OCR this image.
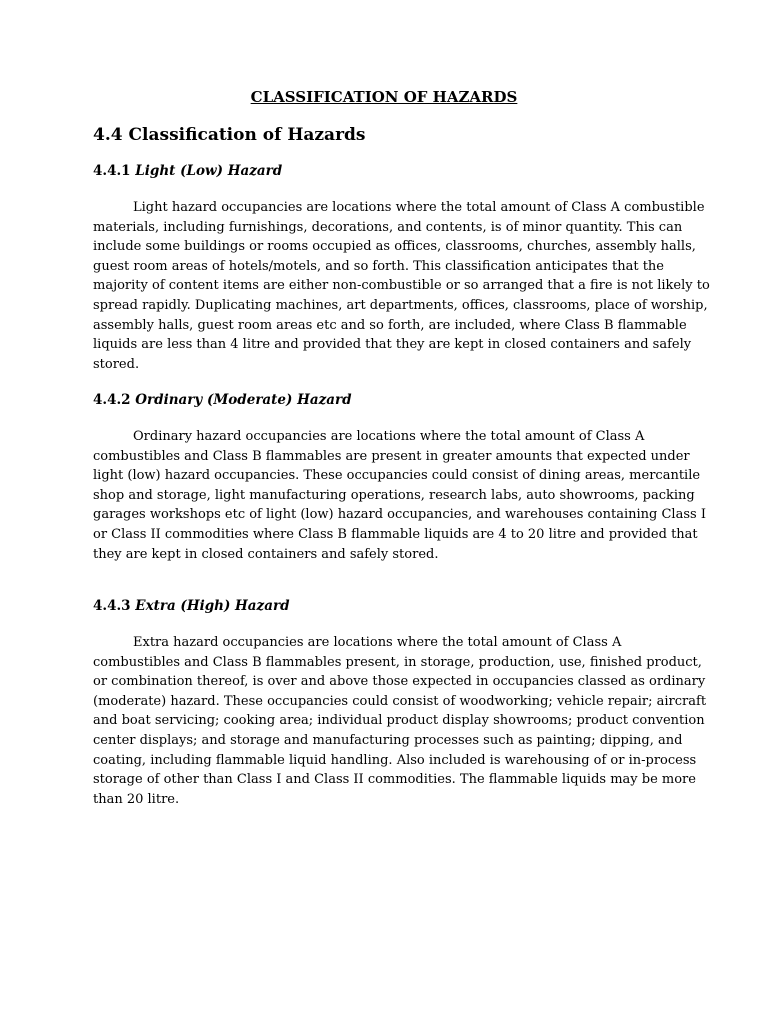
CLASSIFICATION OF HAZARDS
4.4 Classification of Hazards
4.4.1 Light (Low) Hazard
Light hazard occupancies are locations where the total amount of Class A combustible
materials, including furnishings, decorations, and contents, is of minor quantity. This can
include some buildings or rooms occupied as offices, classrooms, churches, assembly halls,
guest room areas of hotels/motels, and so forth. This classification anticipates that the
majority of content items are either non-combustible or so arranged that a fire is not likely to
spread rapidly. Duplicating machines, art departments, offices, classrooms, place of worship,
assembly halls, guest room areas etc and so forth, are included, where Class B flammable
liquids are less than 4 litre and provided that they are kept in closed containers and safely
stored.
4.4.2 Ordinary (Moderate) Hazard
Ordinary hazard occupancies are locations where the total amount of Class A
combustibles and Class B flammables are present in greater amounts that expected under
light (low) hazard occupancies. These occupancies could consist of dining areas, mercantile
shop and storage, light manufacturing operations, research labs, auto showrooms, packing
garages workshops etc of light (low) hazard occupancies, and warehouses containing Class I
or Class II commodities where Class B flammable liquids are 4 to 20 litre and provided that
they are kept in closed containers and safely stored.
4.4.3 Extra (High) Hazard
Extra hazard occupancies are locations where the total amount of Class A
combustibles and Class B flammables present, in storage, production, use, finished product,
or combination thereof, is over and above those expected in occupancies classed as ordinary
(moderate) hazard. These occupancies could consist of woodworking; vehicle repair; aircraft
and boat servicing; cooking area; individual product display showrooms; product convention
center displays; and storage and manufacturing processes such as painting; dipping, and
coating, including flammable liquid handling. Also included is warehousing of or in-process
storage of other than Class I and Class II commodities. The flammable liquids may be more
than 20 litre.
